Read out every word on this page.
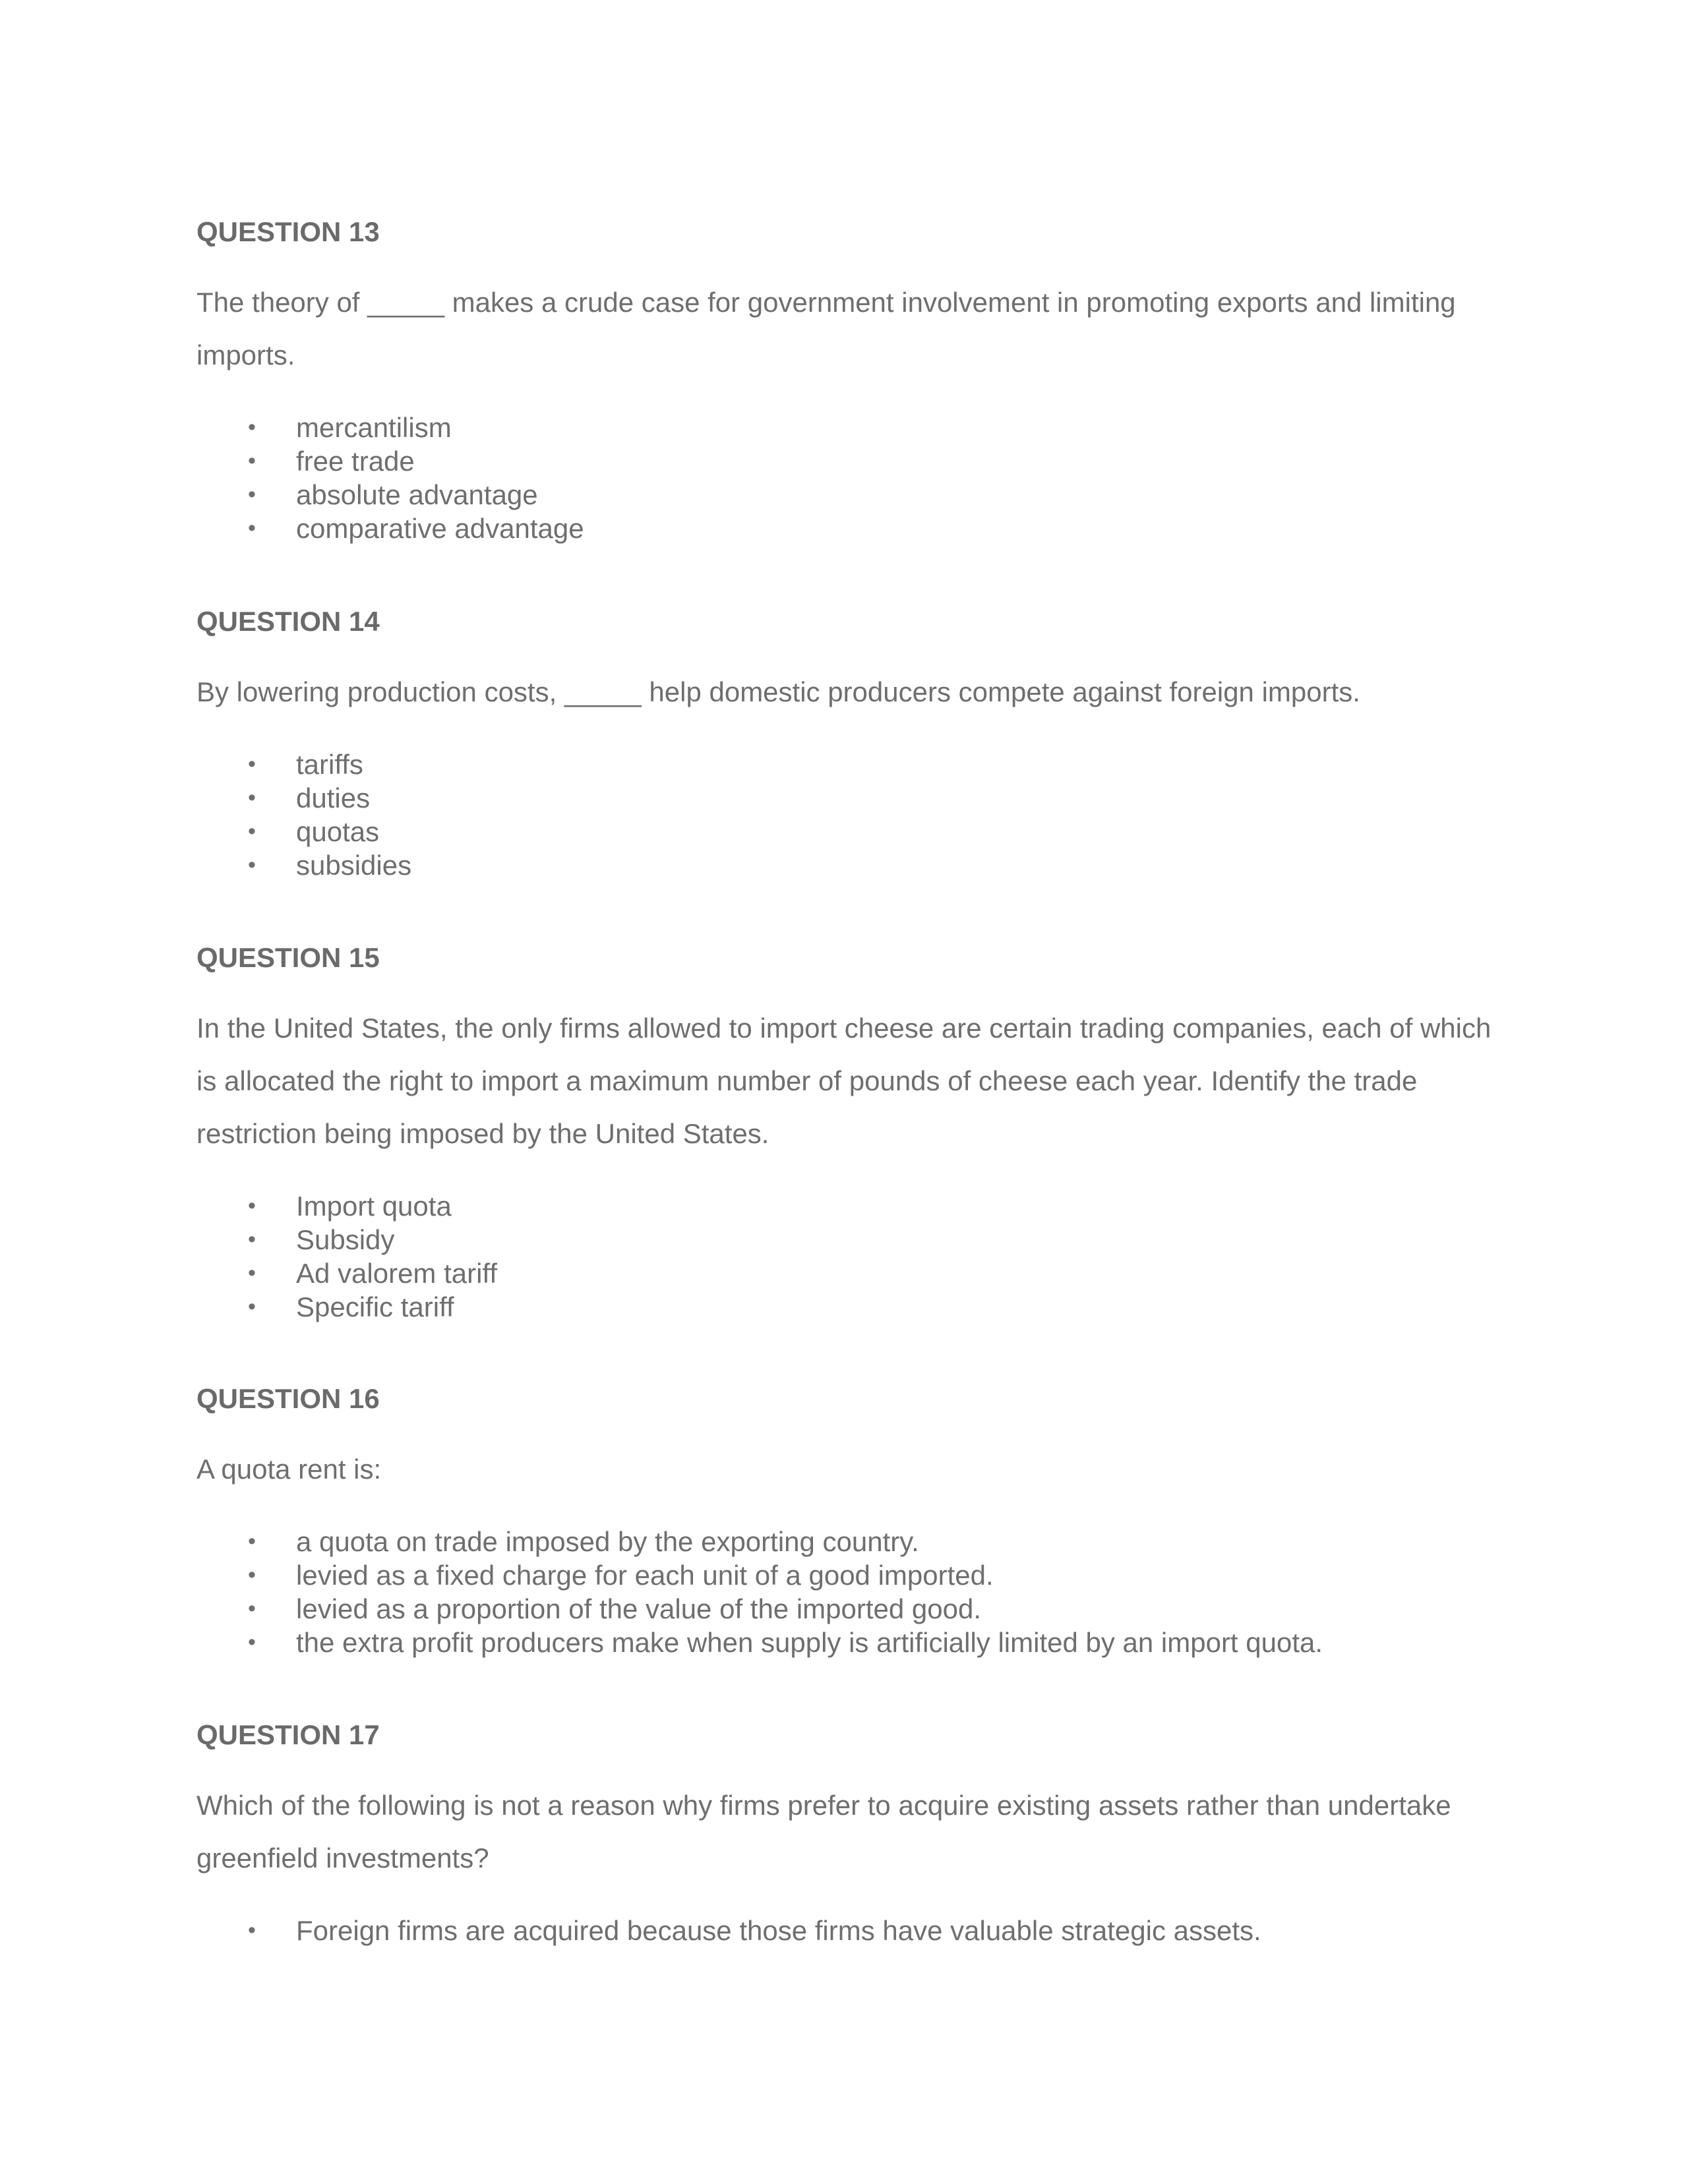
QUESTION 13

The theory of _____ makes a crude case for government involvement in promoting exports and limiting imports.

• mercantilism
• free trade
• absolute advantage
• comparative advantage
QUESTION 14

By lowering production costs, _____ help domestic producers compete against foreign imports.

• tariffs
• duties
• quotas
• subsidies
QUESTION 15

In the United States, the only firms allowed to import cheese are certain trading companies, each of which is allocated the right to import a maximum number of pounds of cheese each year. Identify the trade restriction being imposed by the United States.

• Import quota
• Subsidy
• Ad valorem tariff
• Specific tariff
QUESTION 16

A quota rent is:

• a quota on trade imposed by the exporting country.
• levied as a fixed charge for each unit of a good imported.
• levied as a proportion of the value of the imported good.
• the extra profit producers make when supply is artificially limited by an import quota.
QUESTION 17

Which of the following is not a reason why firms prefer to acquire existing assets rather than undertake greenfield investments?

• Foreign firms are acquired because those firms have valuable strategic assets.
